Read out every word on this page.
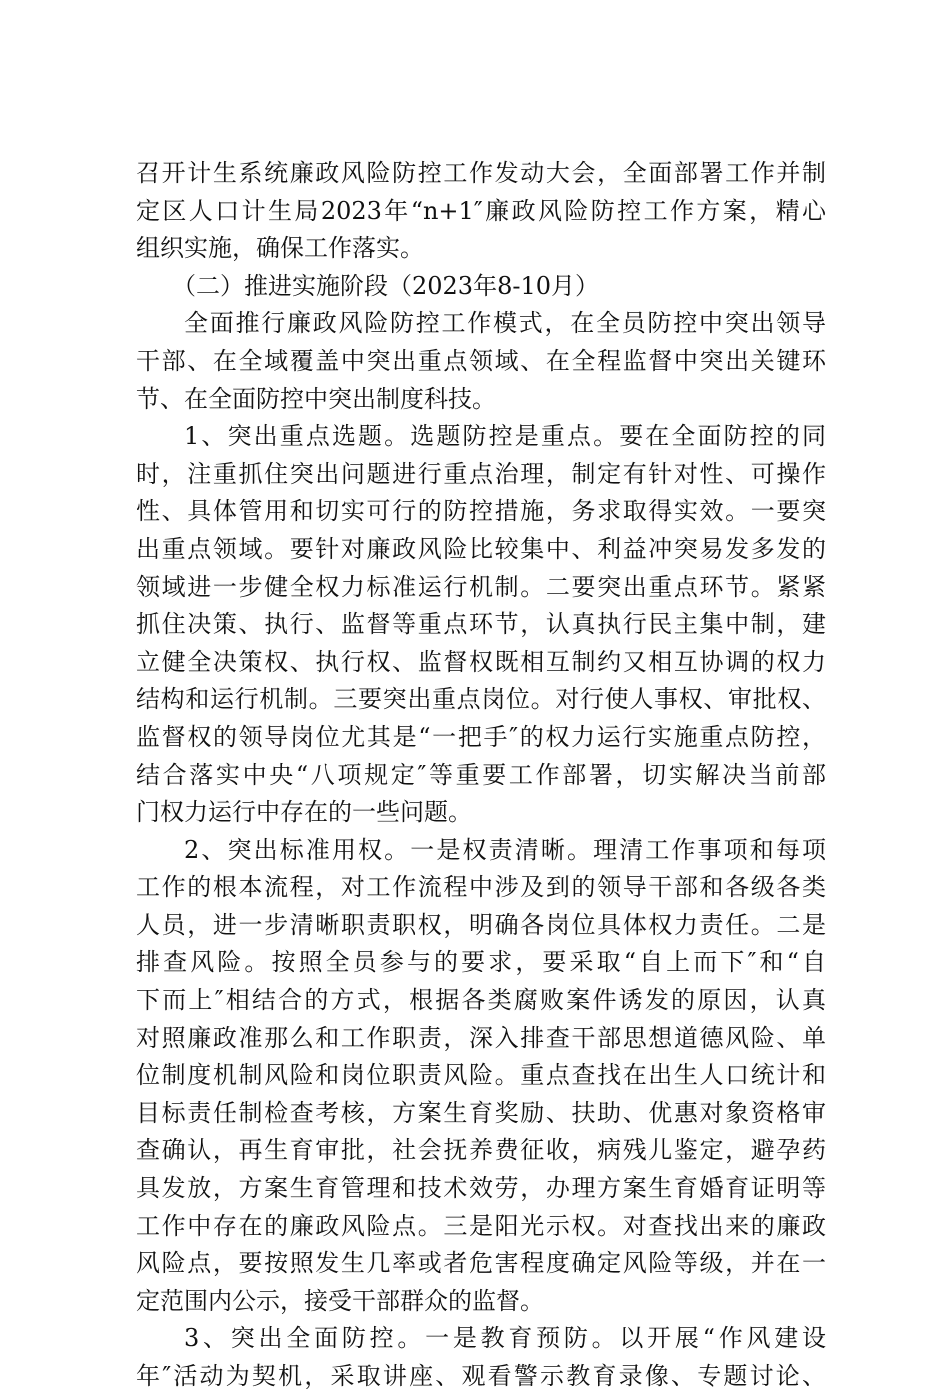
召开计生系统廉政风险防控工作发动大会，全面部署工作并制
定区人口计生局2023年“n+1″廉政风险防控工作方案，精心
组织实施，确保工作落实。
（二）推进实施阶段（2023年8-10月）
全面推行廉政风险防控工作模式，在全员防控中突出领导
干部、在全域覆盖中突出重点领域、在全程监督中突出关键环
节、在全面防控中突出制度科技。
1、突出重点选题。选题防控是重点。要在全面防控的同
时，注重抓住突出问题进行重点治理，制定有针对性、可操作
性、具体管用和切实可行的防控措施，务求取得实效。一要突
出重点领域。要针对廉政风险比较集中、利益冲突易发多发的
领域进一步健全权力标准运行机制。二要突出重点环节。紧紧
抓住决策、执行、监督等重点环节，认真执行民主集中制，建
立健全决策权、执行权、监督权既相互制约又相互协调的权力
结构和运行机制。三要突出重点岗位。对行使人事权、审批权、
监督权的领导岗位尤其是“一把手″的权力运行实施重点防控，
结合落实中央“八项规定″等重要工作部署，切实解决当前部
门权力运行中存在的一些问题。
2、突出标准用权。一是权责清晰。理清工作事项和每项
工作的根本流程，对工作流程中涉及到的领导干部和各级各类
人员，进一步清晰职责职权，明确各岗位具体权力责任。二是
排查风险。按照全员参与的要求，要采取“自上而下″和“自
下而上″相结合的方式，根据各类腐败案件诱发的原因，认真
对照廉政准那么和工作职责，深入排查干部思想道德风险、单
位制度机制风险和岗位职责风险。重点查找在出生人口统计和
目标责任制检查考核，方案生育奖励、扶助、优惠对象资格审
查确认，再生育审批，社会抚养费征收，病残儿鉴定，避孕药
具发放，方案生育管理和技术效劳，办理方案生育婚育证明等
工作中存在的廉政风险点。三是阳光示权。对查找出来的廉政
风险点，要按照发生几率或者危害程度确定风险等级，并在一
定范围内公示，接受干部群众的监督。
3、突出全面防控。一是教育预防。以开展“作风建设
年″活动为契机，采取讲座、观看警示教育录像、专题讨论、
